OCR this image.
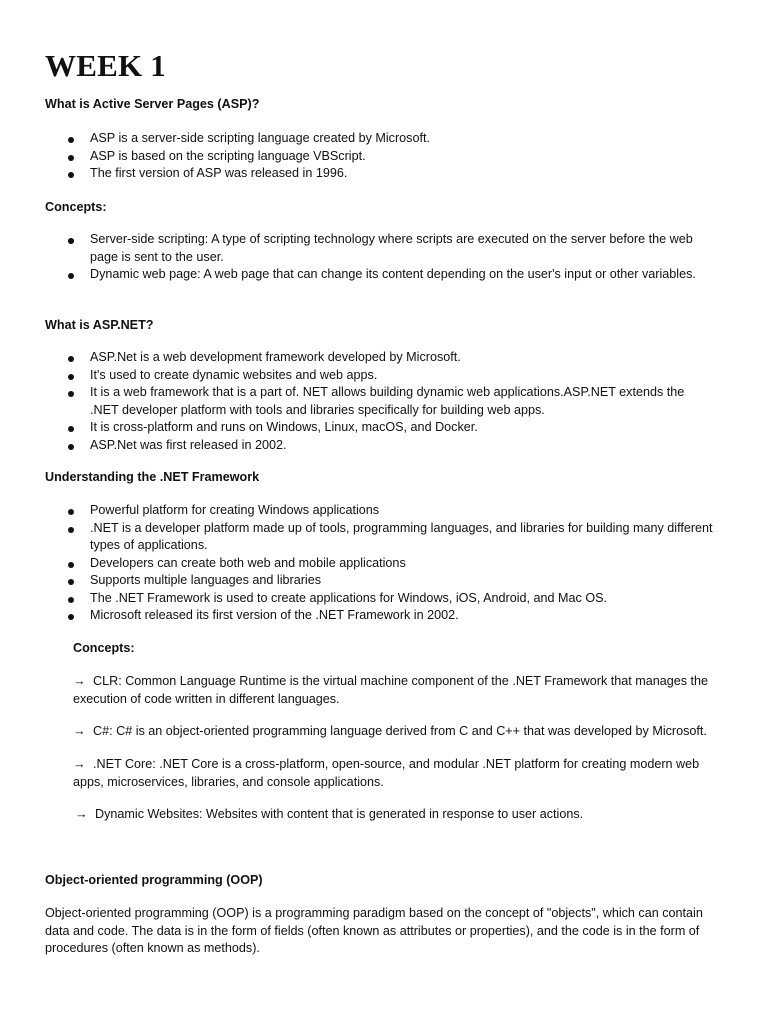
WEEK 1
What is Active Server Pages (ASP)?
ASP is a server-side scripting language created by Microsoft.
ASP is based on the scripting language VBScript.
The first version of ASP was released in 1996.
Concepts:
Server-side scripting: A type of scripting technology where scripts are executed on the server before the web page is sent to the user.
Dynamic web page: A web page that can change its content depending on the user's input or other variables.
What is ASP.NET?
ASP.Net is a web development framework developed by Microsoft.
It's used to create dynamic websites and web apps.
It is a web framework that is a part of. NET allows building dynamic web applications.ASP.NET extends the .NET developer platform with tools and libraries specifically for building web apps.
It is cross-platform and runs on Windows, Linux, macOS, and Docker.
ASP.Net was first released in 2002.
Understanding the .NET Framework
Powerful platform for creating Windows applications
.NET is a developer platform made up of tools, programming languages, and libraries for building many different types of applications.
Developers can create both web and mobile applications
Supports multiple languages and libraries
The .NET Framework is used to create applications for Windows, iOS, Android, and Mac OS.
Microsoft released its first version of the .NET Framework in 2002.
Concepts:

→ CLR: Common Language Runtime is the virtual machine component of the .NET Framework that manages the execution of code written in different languages.

→ C#: C# is an object-oriented programming language derived from C and C++ that was developed by Microsoft.

→ .NET Core: .NET Core is a cross-platform, open-source, and modular .NET platform for creating modern web apps, microservices, libraries, and console applications.

→ Dynamic Websites: Websites with content that is generated in response to user actions.

Object-oriented programming (OOP)

Object-oriented programming (OOP) is a programming paradigm based on the concept of "objects", which can contain data and code. The data is in the form of fields (often known as attributes or properties), and the code is in the form of procedures (often known as methods).
